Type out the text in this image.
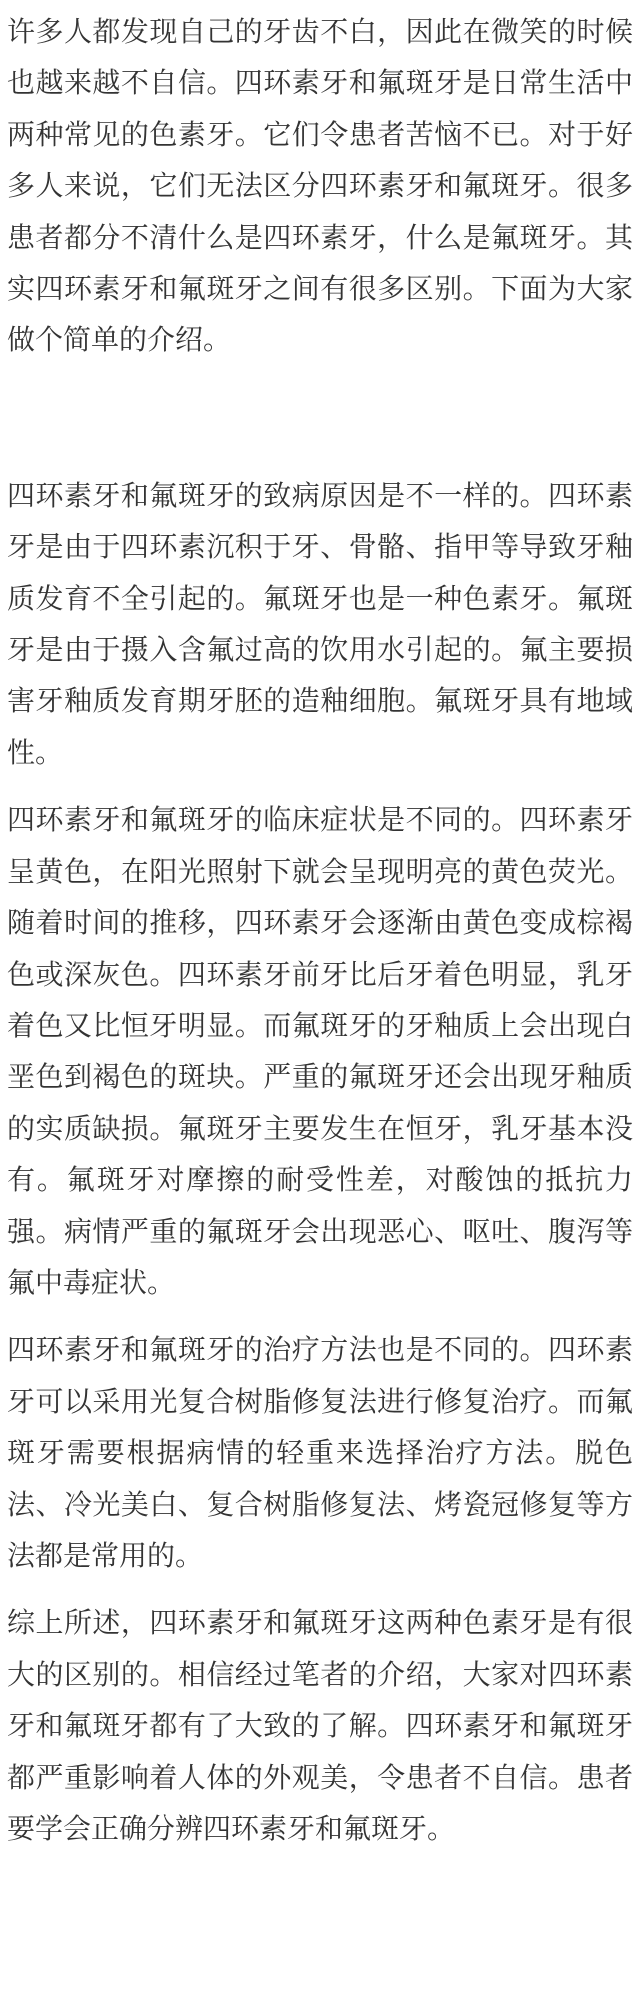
许多人都发现自己的牙齿不白，因此在微笑的时候也越来越不自信。四环素牙和氟斑牙是日常生活中两种常见的色素牙。它们令患者苦恼不已。对于好多人来说，它们无法区分四环素牙和氟斑牙。很多患者都分不清什么是四环素牙，什么是氟斑牙。其实四环素牙和氟斑牙之间有很多区别。下面为大家做个简单的介绍。

四环素牙和氟斑牙的致病原因是不一样的。四环素牙是由于四环素沉积于牙、骨骼、指甲等导致牙釉质发育不全引起的。氟斑牙也是一种色素牙。氟斑牙是由于摄入含氟过高的饮用水引起的。氟主要损害牙釉质发育期牙胚的造釉细胞。氟斑牙具有地域性。

四环素牙和氟斑牙的临床症状是不同的。四环素牙呈黄色，在阳光照射下就会呈现明亮的黄色荧光。随着时间的推移，四环素牙会逐渐由黄色变成棕褐色或深灰色。四环素牙前牙比后牙着色明显，乳牙着色又比恒牙明显。而氟斑牙的牙釉质上会出现白垩色到褐色的斑块。严重的氟斑牙还会出现牙釉质的实质缺损。氟斑牙主要发生在恒牙，乳牙基本没有。氟斑牙对摩擦的耐受性差，对酸蚀的抵抗力强。病情严重的氟斑牙会出现恶心、呕吐、腹泻等氟中毒症状。

四环素牙和氟斑牙的治疗方法也是不同的。四环素牙可以采用光复合树脂修复法进行修复治疗。而氟斑牙需要根据病情的轻重来选择治疗方法。脱色法、冷光美白、复合树脂修复法、烤瓷冠修复等方法都是常用的。

综上所述，四环素牙和氟斑牙这两种色素牙是有很大的区别的。相信经过笔者的介绍，大家对四环素牙和氟斑牙都有了大致的了解。四环素牙和氟斑牙都严重影响着人体的外观美，令患者不自信。患者要学会正确分辨四环素牙和氟斑牙。
